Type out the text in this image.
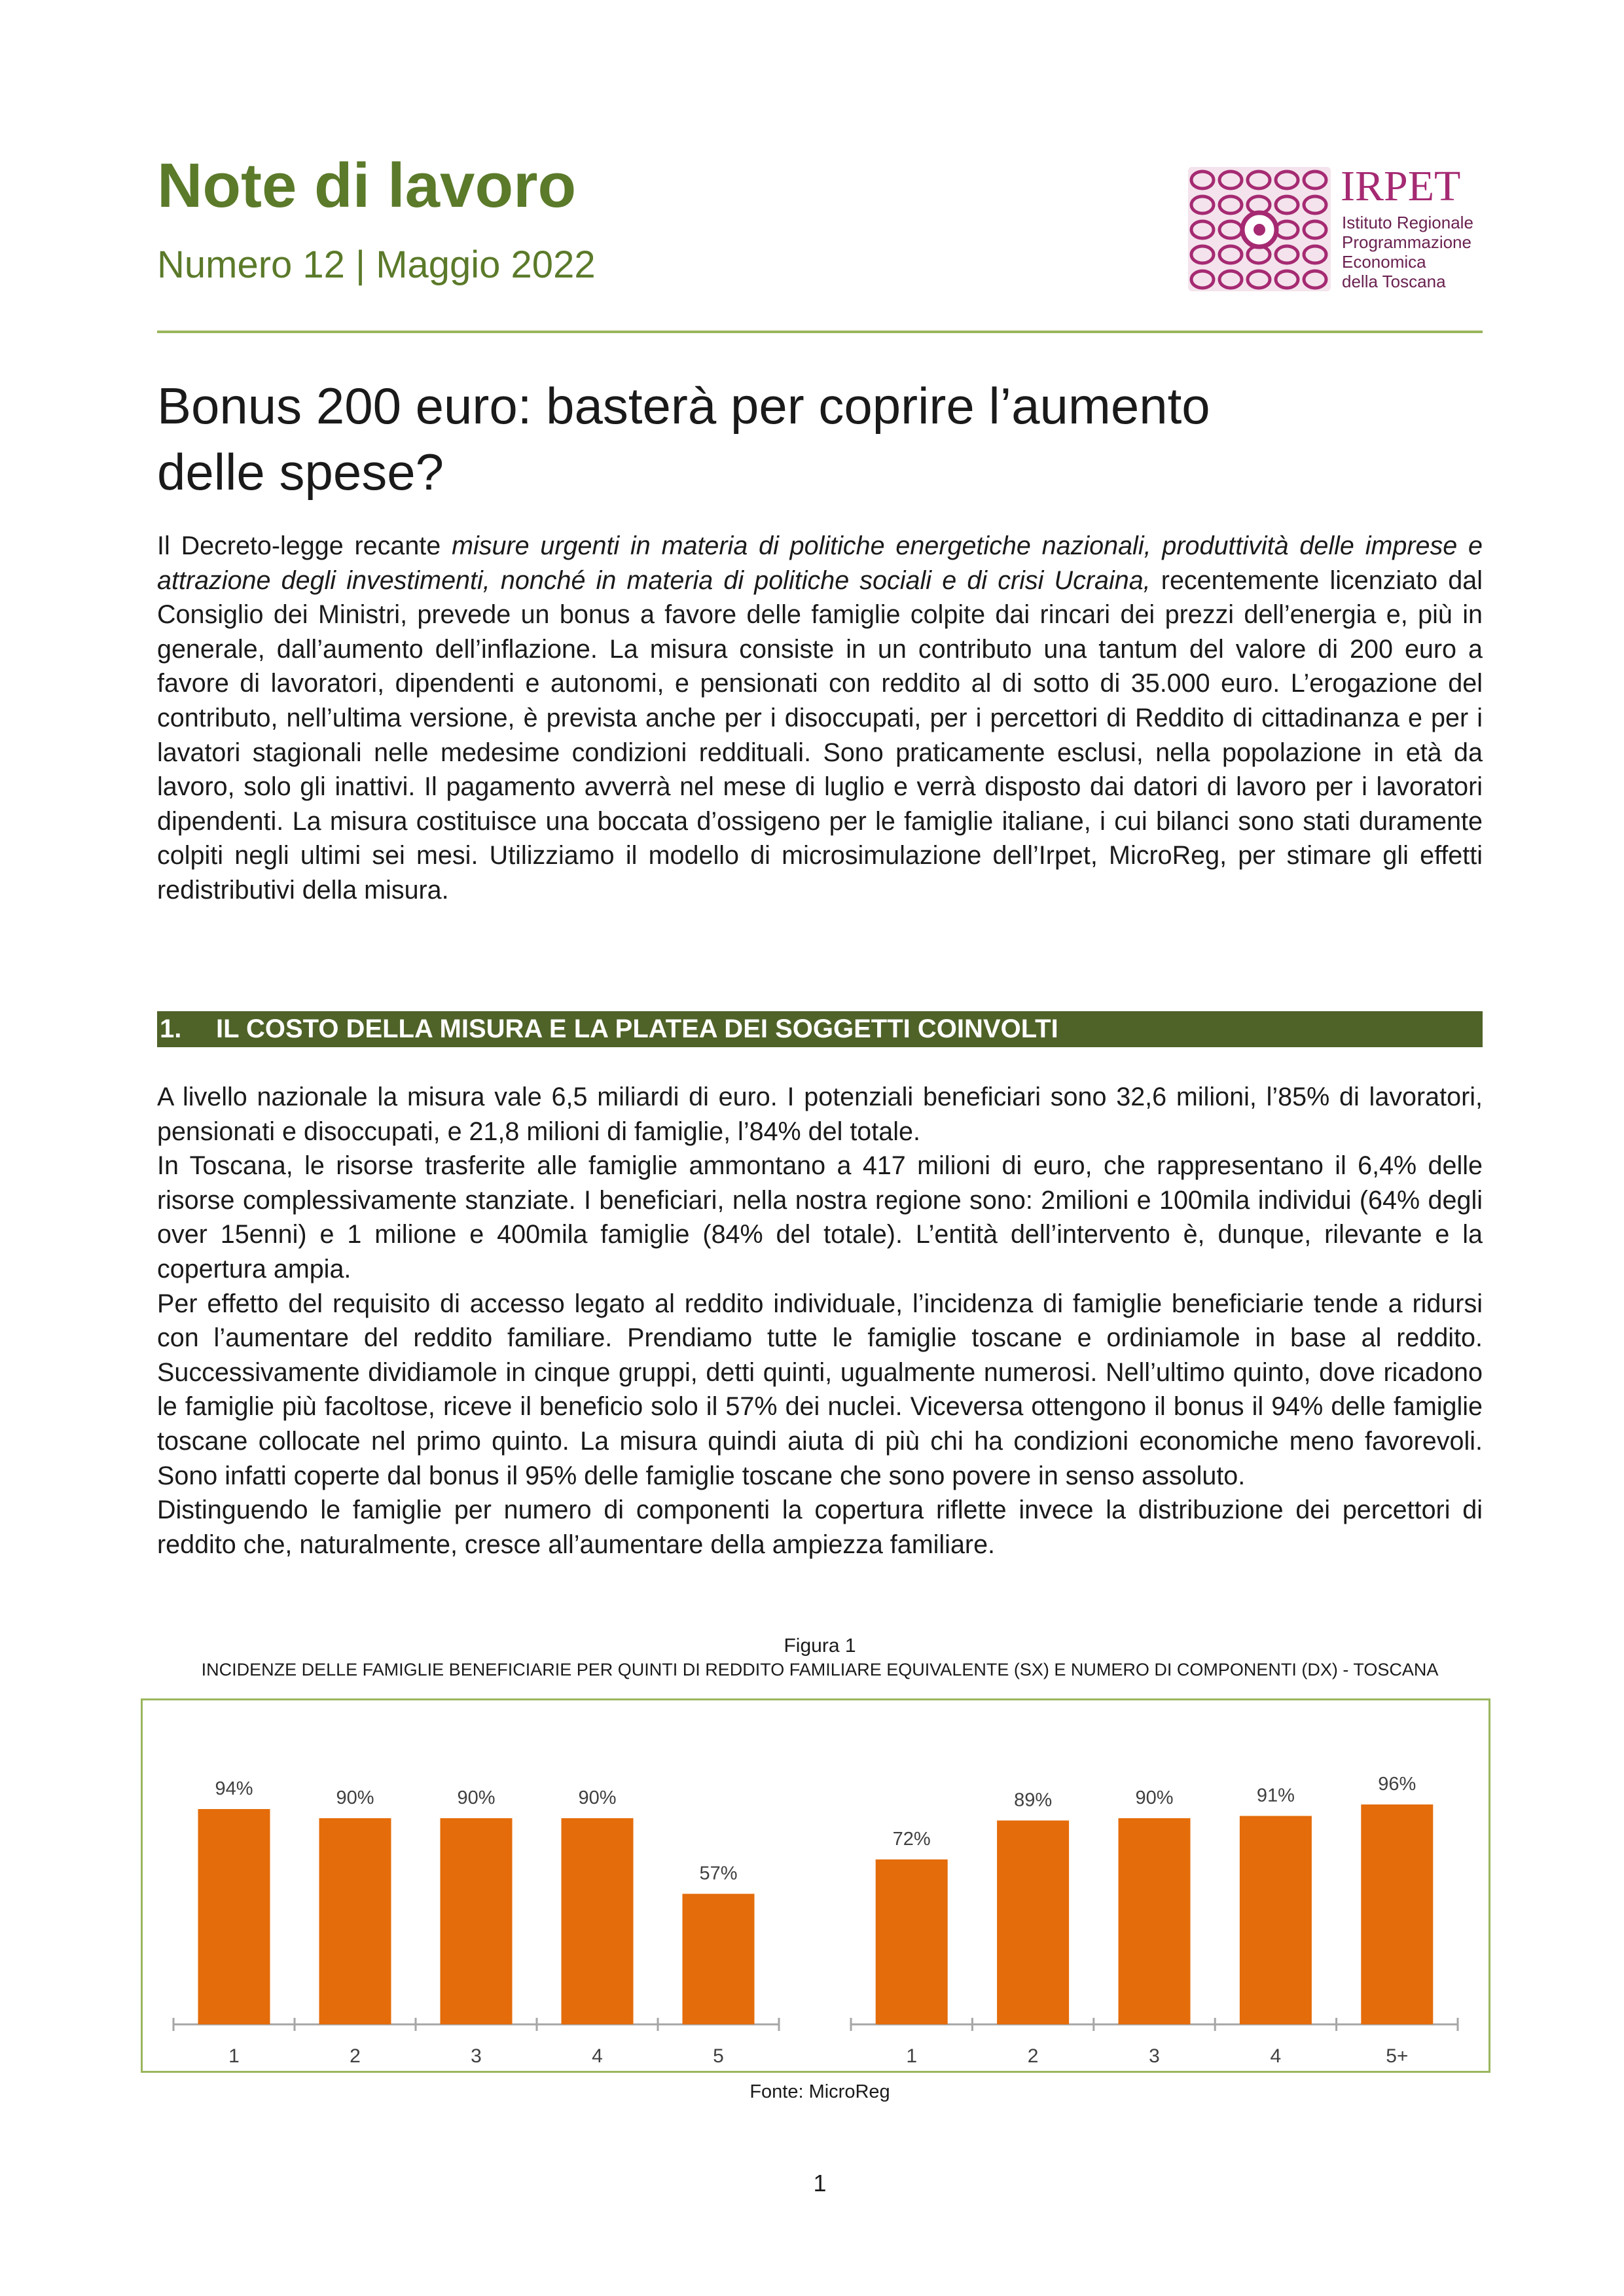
Note di lavoro
Numero 12 | Maggio 2022
IRPET
Istituto Regionale
Programmazione
Economica
della Toscana
Bonus 200 euro: basterà per coprire l’aumento
delle spese?

Il Decreto-legge recante misure urgenti in materia di politiche energetiche nazionali, produttività delle imprese e attrazione degli investimenti, nonché in materia di politiche sociali e di crisi Ucraina, recentemente licenziato dal Consiglio dei Ministri, prevede un bonus a favore delle famiglie colpite dai rincari dei prezzi dell’energia e, più in generale, dall’aumento dell’inflazione. La misura consiste in un contributo una tantum del valore di 200 euro a favore di lavoratori, dipendenti e autonomi, e pensionati con reddito al di sotto di 35.000 euro. L’erogazione del contributo, nell’ultima versione, è prevista anche per i disoccupati, per i percettori di Reddito di cittadinanza e per i lavatori stagionali nelle medesime condizioni reddituali. Sono praticamente esclusi, nella popolazione in età da lavoro, solo gli inattivi. Il pagamento avverrà nel mese di luglio e verrà disposto dai datori di lavoro per i lavoratori dipendenti. La misura costituisce una boccata d’ossigeno per le famiglie italiane, i cui bilanci sono stati duramente colpiti negli ultimi sei mesi. Utilizziamo il modello di microsimulazione dell’Irpet, MicroReg, per stimare gli effetti redistributivi della misura.

1. IL COSTO DELLA MISURA E LA PLATEA DEI SOGGETTI COINVOLTI
A livello nazionale la misura vale 6,5 miliardi di euro. I potenziali beneficiari sono 32,6 milioni, l’85% di lavoratori, pensionati e disoccupati, e 21,8 milioni di famiglie, l’84% del totale.
In Toscana, le risorse trasferite alle famiglie ammontano a 417 milioni di euro, che rappresentano il 6,4% delle risorse complessivamente stanziate. I beneficiari, nella nostra regione sono: 2milioni e 100mila individui (64% degli over 15enni) e 1 milione e 400mila famiglie (84% del totale). L’entità dell’intervento è, dunque, rilevante e la copertura ampia.
Per effetto del requisito di accesso legato al reddito individuale, l’incidenza di famiglie beneficiarie tende a ridursi con l’aumentare del reddito familiare. Prendiamo tutte le famiglie toscane e ordiniamole in base al reddito. Successivamente dividiamole in cinque gruppi, detti quinti, ugualmente numerosi. Nell’ultimo quinto, dove ricadono le famiglie più facoltose, riceve il beneficio solo il 57% dei nuclei. Viceversa ottengono il bonus il 94% delle famiglie toscane collocate nel primo quinto. La misura quindi aiuta di più chi ha condizioni economiche meno favorevoli. Sono infatti coperte dal bonus il 95% delle famiglie toscane che sono povere in senso assoluto.
Distinguendo le famiglie per numero di componenti la copertura riflette invece la distribuzione dei percettori di reddito che, naturalmente, cresce all’aumentare della ampiezza familiare.
Figura 1
INCIDENZE DELLE FAMIGLIE BENEFICIARIE PER QUINTI DI REDDITO FAMILIARE EQUIVALENTE (SX) E NUMERO DI COMPONENTI (DX) - TOSCANA
94%
1
90%
2
90%
3
90%
4
57%
5
72%
1
89%
2
90%
3
91%
4
96%
5+
Fonte: MicroReg
1
